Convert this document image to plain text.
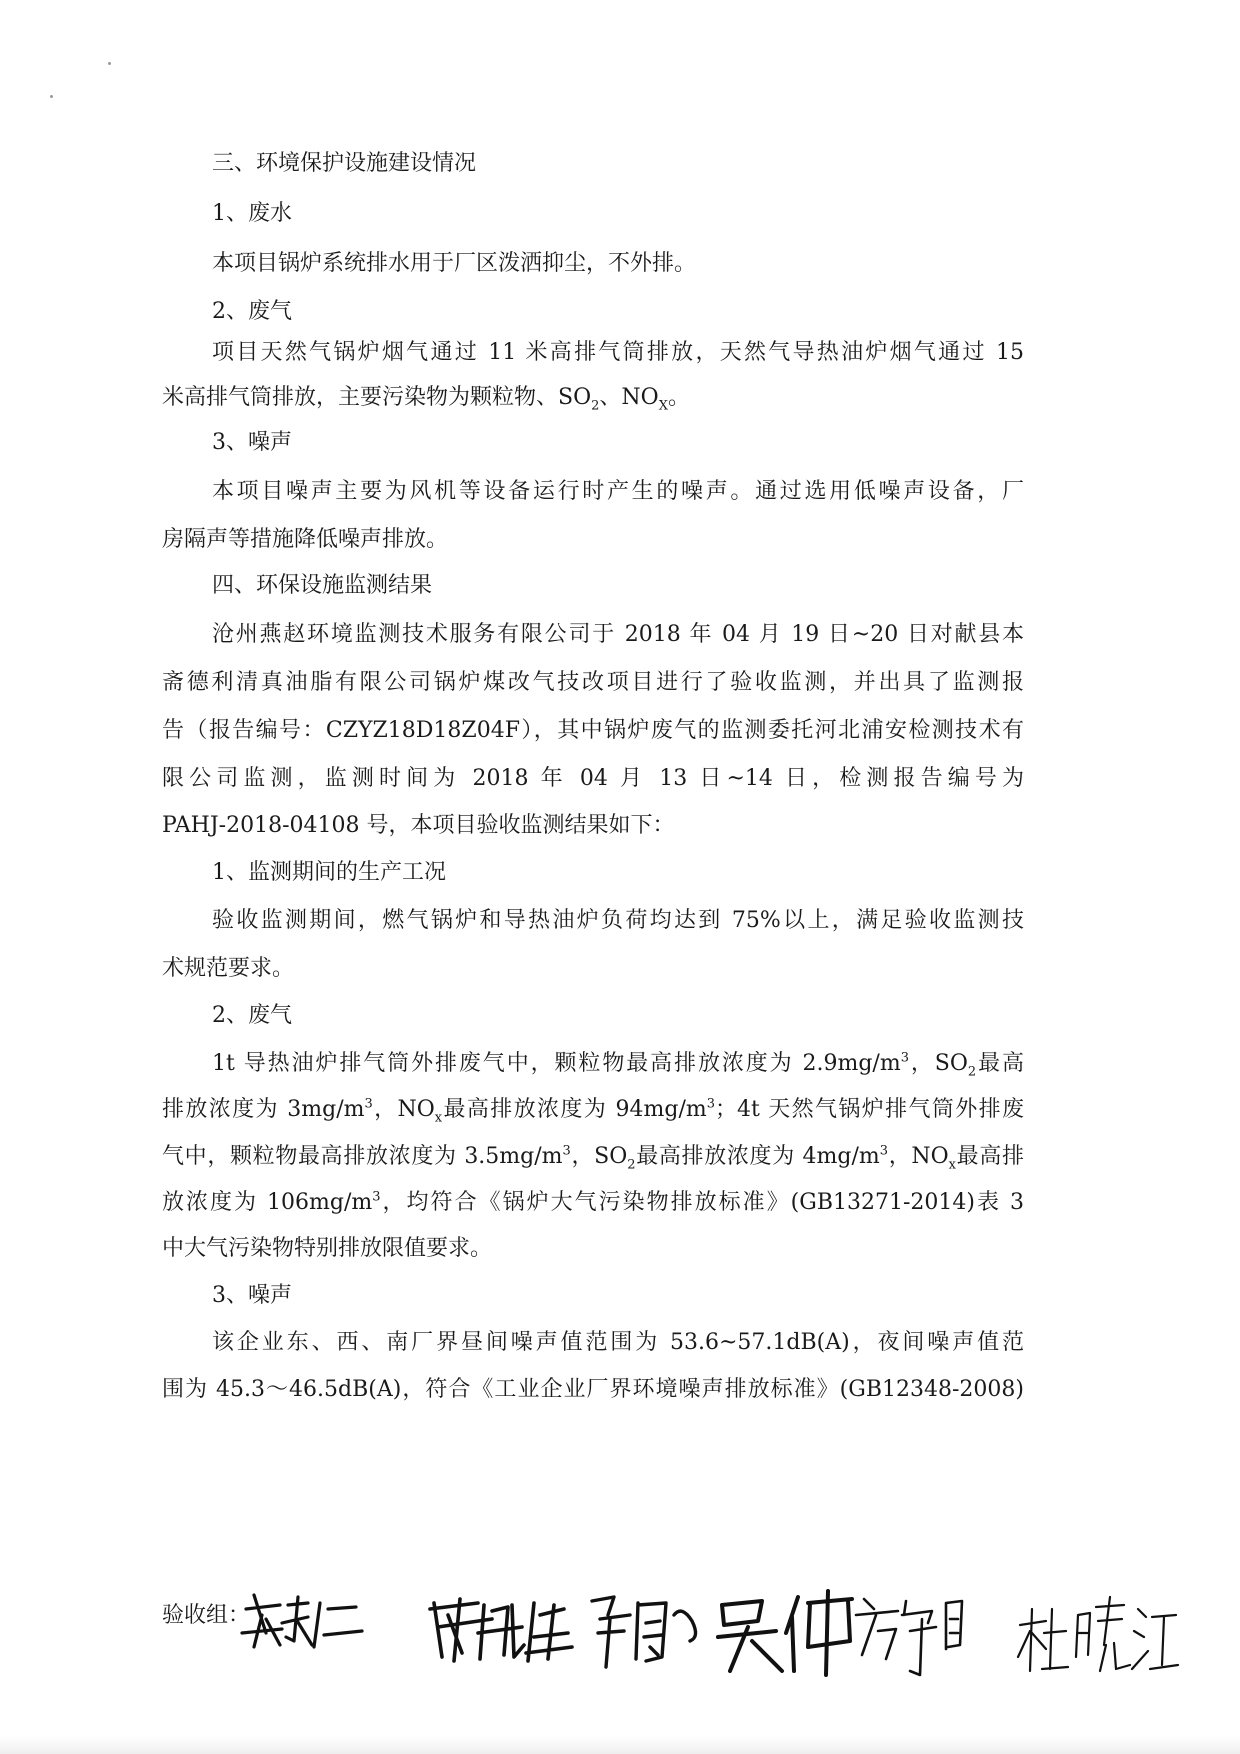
三、环境保护设施建设情况

1、废水

本项目锅炉系统排水用于厂区泼洒抑尘，不外排。

2、废气

项目天然气锅炉烟气通过 11 米高排气筒排放，天然气导热油炉烟气通过 15

米高排气筒排放，主要污染物为颗粒物、$SO_2$、$NO_X$。

3、噪声

本项目噪声主要为风机等设备运行时产生的噪声。通过选用低噪声设备，厂

房隔声等措施降低噪声排放。

四、环保设施监测结果

沧州燕赵环境监测技术服务有限公司于 2018 年 04 月 19 日~20 日对献县本

斋德利清真油脂有限公司锅炉煤改气技改项目进行了验收监测，并出具了监测报

告（报告编号：CZYZ18D18Z04F），其中锅炉废气的监测委托河北浦安检测技术有

限公司监测，监测时间为 2018 年 04 月 13 日~14 日，检测报告编号为

PAHJ-2018-04108 号，本项目验收监测结果如下：

1、监测期间的生产工况

验收监测期间，燃气锅炉和导热油炉负荷均达到 75%以上，满足验收监测技

术规范要求。

2、废气

1t 导热油炉排气筒外排废气中，颗粒物最高排放浓度为 $2.9mg/m^3$，$SO_2$最高

排放浓度为 $3mg/m^3$，$NO_x$最高排放浓度为 $94mg/m^3$；4t 天然气锅炉排气筒外排废

气中，颗粒物最高排放浓度为 $3.5mg/m^3$，$SO_2$最高排放浓度为 $4mg/m^3$，$NO_x$最高排

放浓度为 $106mg/m^3$，均符合《锅炉大气污染物排放标准》(GB13271-2014)表 3

中大气污染物特别排放限值要求。

3、噪声

该企业东、西、南厂界昼间噪声值范围为 53.6~57.1dB(A)，夜间噪声值范

围为 45.3～46.5dB(A)，符合《工业企业厂界环境噪声排放标准》(GB12348-2008)

验收组：
